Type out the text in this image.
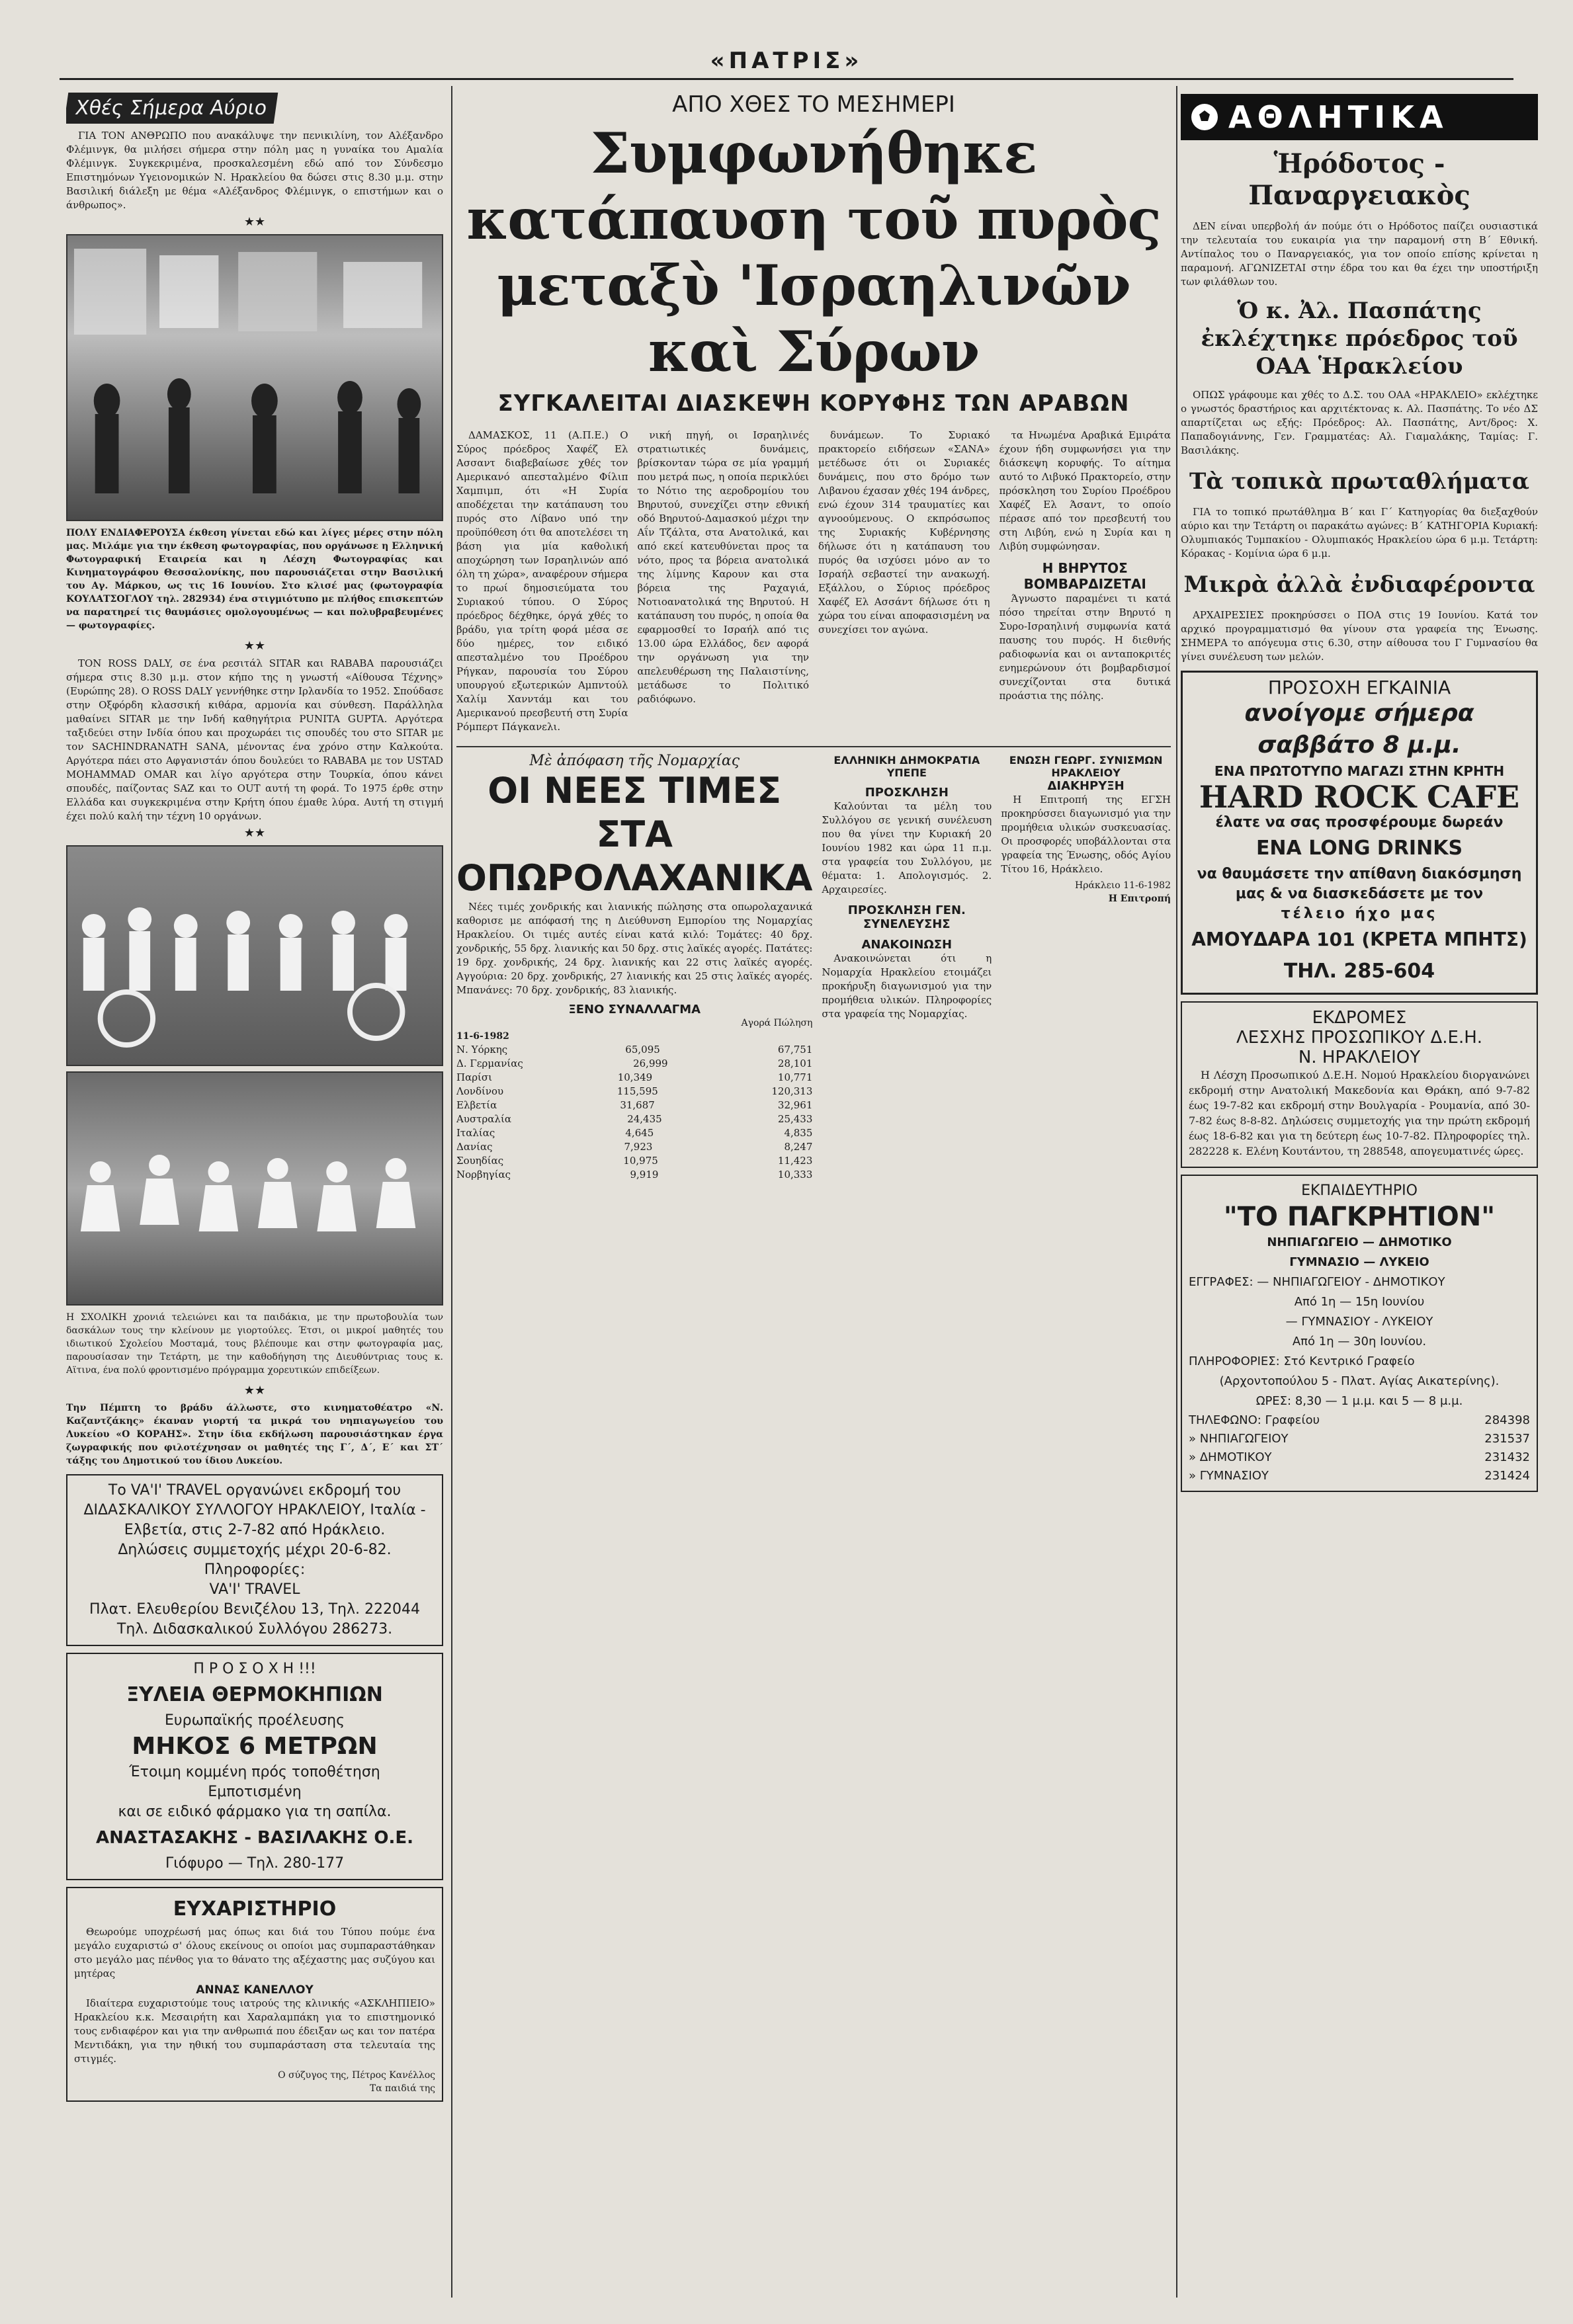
«ΠΑΤΡΙΣ»
Χθές Σήμερα Αύριο

ΓΙΑ ΤΟΝ ΑΝΘΡΩΠΟ που ανακάλυψε την πενικιλίνη, τον Αλέξανδρο Φλέμινγκ, θα μιλήσει σήμερα στην πόλη μας η γυναίκα του Αμαλία Φλέμινγκ. Συγκεκριμένα, προσκαλεσμένη εδώ από τον Σύνδεσμο Επιστημόνων Υγειονομικών Ν. Ηρακλείου θα δώσει στις 8.30 μ.μ. στην Βασιλική διάλεξη με θέμα «Αλέξανδρος Φλέμινγκ, ο επιστήμων και ο άνθρωπος».

★★
ΠΟΛΥ ΕΝΔΙΑΦΕΡΟΥΣΑ έκθεση γίνεται εδώ και λίγες μέρες στην πόλη μας. Μιλάμε για την έκθεση φωτογραφίας, που οργάνωσε η Ελληνική Φωτογραφική Εταιρεία και η Λέσχη Φωτογραφίας και Κινηματογράφου Θεσσαλονίκης, που παρουσιάζεται στην Βασιλική του Αγ. Μάρκου, ως τις 16 Ιουνίου. Στο κλισέ μας (φωτογραφία ΚΟΥΛΑΤΣΟΓΛΟΥ τηλ. 282934) ένα στιγμιότυπο με πλήθος επισκεπτών να παρατηρεί τις θαυμάσιες ομολογουμένως — και πολυβραβευμένες — φωτογραφίες.
★★

ΤΟΝ ROSS DALY, σε ένα ρεσιτάλ SITAR και RABABA παρουσιάζει σήμερα στις 8.30 μ.μ. στον κήπο της η γνωστή «Αίθουσα Τέχνης» (Ευρώπης 28). Ο ROSS DALY γεννήθηκε στην Ιρλανδία το 1952. Σπούδασε στην Οξφόρδη κλασσική κιθάρα, αρμονία και σύνθεση. Παράλληλα μαθαίνει SITAR με την Ινδή καθηγήτρια PUNITA GUPTA. Αργότερα ταξιδεύει στην Ινδία όπου και προχωράει τις σπουδές του στο SITAR με τον SACHINDRANATH SANA, μένοντας ένα χρόνο στην Καλκούτα. Αργότερα πάει στο Αφγανιστάν όπου δουλεύει το RABABA με τον USTAD MOHAMMAD OMAR και λίγο αργότερα στην Τουρκία, όπου κάνει σπουδές, παίζοντας SAZ και το OUT αυτή τη φορά. Το 1975 έρθε στην Ελλάδα και συγκεκριμένα στην Κρήτη όπου έμαθε λύρα. Αυτή τη στιγμή έχει πολύ καλή την τέχνη 10 οργάνων.

★★
Η ΣΧΟΛΙΚΗ χρονιά τελειώνει και τα παιδάκια, με την πρωτοβουλία των δασκάλων τους την κλείνουν με γιορτούλες. Έτσι, οι μικροί μαθητές του ιδιωτικού Σχολείου Μοσταμά, τους βλέπουμε και στην φωτογραφία μας, παρουσίασαν την Τετάρτη, με την καθοδήγηση της Διευθύντριας τους κ. Αϊτινα, ένα πολύ φροντισμένο πρόγραμμα χορευτικών επιδείξεων.
★★
Την Πέμπτη το βράδυ άλλωστε, στο κινηματοθέατρο «Ν. Καζαντζάκης» έκαναν γιορτή τα μικρά του νηπιαγωγείου του Λυκείου «Ο ΚΟΡΑΗΣ». Στην ίδια εκδήλωση παρουσιάστηκαν έργα ζωγραφικής που φιλοτέχνησαν οι μαθητές της Γ΄, Δ΄, Ε΄ και ΣΤ΄ τάξης του Δημοτικού του ίδιου Λυκείου.
Το VA'I' TRAVEL οργανώνει εκδρομή του ΔΙΔΑΣΚΑΛΙΚΟΥ ΣΥΛΛΟΓΟΥ ΗΡΑΚΛΕΙΟΥ, Ιταλία - Ελβετία, στις 2-7-82 από Ηράκλειο.
Δηλώσεις συμμετοχής μέχρι 20-6-82.
Πληροφορίες:
VA'I' TRAVEL
Πλατ. Ελευθερίου Βενιζέλου 13, Τηλ. 222044
Τηλ. Διδασκαλικού Συλλόγου 286273.
Π Ρ Ο Σ Ο Χ Η !!!
ΞΥΛΕΙΑ ΘΕΡΜΟΚΗΠΙΩΝ
Ευρωπαϊκής προέλευσης
ΜΗΚΟΣ 6 ΜΕΤΡΩΝ
Έτοιμη κομμένη πρός τοποθέτηση
Εμποτισμένη
και σε ειδικό φάρμακο για τη σαπίλα.
ΑΝΑΣΤΑΣΑΚΗΣ - ΒΑΣΙΛΑΚΗΣ Ο.Ε.
Γιόφυρο — Τηλ. 280-177
ΕΥΧΑΡΙΣΤΗΡΙΟ

Θεωρούμε υποχρέωσή μας όπως και διά του Τύπου πούμε ένα μεγάλο ευχαριστώ σ' όλους εκείνους οι οποίοι μας συμπαραστάθηκαν στο μεγάλο μας πένθος για το θάνατο της αξέχαστης μας συζύγου και μητέρας

ΑΝΝΑΣ ΚΑΝΕΛΛΟΥ

Ιδιαίτερα ευχαριστούμε τους ιατρούς της κλινικής «ΑΣΚΛΗΠΙΕΙΟ» Ηρακλείου κ.κ. Μεσαιρήτη και Χαραλαμπάκη για το επιστημονικό τους ενδιαφέρον και για την ανθρωπιά που έδειξαν ως και τον πατέρα Μεντιδάκη, για την ηθική του συμπαράσταση στα τελευταία της στιγμές.

Ο σύζυγος της, Πέτρος Κανέλλος
Τα παιδιά της
ΑΠΟ ΧΘΕΣ ΤΟ ΜΕΣΗΜΕΡΙ
Συμφωνήθηκε κατάπαυση τοῦ πυρὸς
μεταξὺ 'Ισραηλινῶν καὶ Σύρων
ΣΥΓΚΑΛΕΙΤΑΙ ΔΙΑΣΚΕΨΗ ΚΟΡΥΦΗΣ ΤΩΝ ΑΡΑΒΩΝ

ΔΑΜΑΣΚΟΣ, 11 (Α.Π.Ε.) Ο Σύρος πρόεδρος Χαφέζ Ελ Ασσαντ διαβεβαίωσε χθές τον Αμερικανό απεσταλμένο Φίλιπ Χαμπιμπ, ότι «Η Συρία αποδέχεται την κατάπαυση του πυρός στο Λίβανο υπό την προϋπόθεση ότι θα αποτελέσει τη βάση για μία καθολική αποχώρηση των Ισραηλινών από όλη τη χώρα», αναφέρουν σήμερα το πρωί δημοσιεύματα του Συριακού τύπου. Ο Σύρος πρόεδρος δέχθηκε, όργά χθές το βράδυ, για τρίτη φορά μέσα σε δύο ημέρες, τον ειδικό απεσταλμένο του Προέδρου Ρήγκαν, παρουσία του Σύρου υπουργού εξωτερικών Αμπντούλ Χαλίμ Χανντάμ και του Αμερικανού πρεσβευτή στη Συρία Ρόμπερτ Πάγκανελι.

νική πηγή, οι Ισραηλινές στρατιωτικές δυνάμεις, βρίσκονταν τώρα σε μία γραμμή που μετρά πως, η οποία περικλύει το Νότιο της αεροδρομίου του Βηρυτού, συνεχίζει στην εθνική οδό Βηρυτού-Δαμασκού μέχρι την Αΐν Τζάλτα, στα Ανατολικά, και από εκεί κατευθύνεται προς τα νότο, προς τα βόρεια ανατολικά της λίμνης Καρουν και στα βόρεια της Ραχαγιά, Νοτιοανατολικά της Βηρυτού. Η κατάπαυση του πυρός, η οποία θα εφαρμοσθεί το Ισραήλ από τις 13.00 ώρα Ελλάδος, δεν αφορά την οργάνωση για την απελευθέρωση της Παλαιστίνης, μετάδωσε το Πολιτικό ραδιόφωνο.

δυνάμεων. Το Συριακό πρακτορείο ειδήσεων «ΣΑΝΑ» μετέδωσε ότι οι Συριακές δυνάμεις, που στο δρόμο των Λιβανου έχασαν χθές 194 άνδρες, ενώ έχουν 314 τραυματίες και αγνοούμενους. Ο εκπρόσωπος της Συριακής Κυβέρνησης δήλωσε ότι η κατάπαυση του πυρός θα ισχύσει μόνο αν το Ισραήλ σεβαστεί την ανακωχή. Εξάλλου, ο Σύριος πρόεδρος Χαφέζ Ελ Ασσάντ δήλωσε ότι η χώρα του είναι αποφασισμένη να συνεχίσει τον αγώνα.

τα Ηνωμένα Αραβικά Εμιράτα έχουν ήδη συμφωνήσει για την διάσκεψη κορυφής. Το αίτημα αυτό το Λιβυκό Πρακτορείο, στην πρόσκληση του Συρίου Προέδρου Χαφέζ Ελ Άσαντ, το οποίο πέρασε από τον πρεσβευτή του στη Λιβύη, ενώ η Συρία και η Λιβύη συμφώνησαν.

Η ΒΗΡΥΤΟΣ
ΒΟΜΒΑΡΔΙΖΕΤΑΙ

Άγνωστο παραμένει τι κατά πόσο τηρείται στην Βηρυτό η Συρο-Ισραηλινή συμφωνία κατά παυσης του πυρός. Η διεθνής ραδιοφωνία και οι ανταποκριτές ενημερώνουν ότι βομβαρδισμοί συνεχίζονται στα δυτικά προάστια της πόλης.

Μὲ ἀπόφαση τῆς Νομαρχίας
ΟΙ ΝΕΕΣ ΤΙΜΕΣ
ΣΤΑ ΟΠΩΡΟΛΑΧΑΝΙΚΑ

Νέες τιμές χονδρικής και λιανικής πώλησης στα οπωρολαχανικά καθορισε με απόφασή της η Διεύθυνση Εμπορίου της Νομαρχίας Ηρακλείου. Οι τιμές αυτές είναι κατά κιλό: Τομάτες: 40 δρχ. χονδρικής, 55 δρχ. λιανικής και 50 δρχ. στις λαϊκές αγορές. Πατάτες: 19 δρχ. χονδρικής, 24 δρχ. λιανικής και 22 στις λαϊκές αγορές. Αγγούρια: 20 δρχ. χονδρικής, 27 λιανικής και 25 στις λαϊκές αγορές. Μπανάνες: 70 δρχ. χονδρικής, 83 λιανικής.

ΞΕΝΟ ΣΥΝΑΛΛΑΓΜΑ
Αγορά Πώληση
11-6-1982
Ν. Υόρκης	65,095	67,751
Δ. Γερμανίας	26,999	28,101
Παρίσι	10,349	10,771
Λονδίνου	115,595	120,313
Ελβετία	31,687	32,961
Αυστραλία	24,435	25,433
Ιταλίας	4,645	4,835
Δανίας	7,923	8,247
Σουηδίας	10,975	11,423
Νορβηγίας	9,919	10,333
ΕΛΛΗΝΙΚΗ ΔΗΜΟΚΡΑΤΙΑ ΥΠΕΠΕ
ΠΡΟΣΚΛΗΣΗ

Καλούνται τα μέλη του Συλλόγου σε γενική συνέλευση που θα γίνει την Κυριακή 20 Ιουνίου 1982 και ώρα 11 π.μ. στα γραφεία του Συλλόγου, με θέματα: 1. Απολογισμός. 2. Αρχαιρεσίες.

ΠΡΟΣΚΛΗΣΗ ΓΕΝ. ΣΥΝΕΛΕΥΣΗΣ
ΑΝΑΚΟΙΝΩΣΗ

Ανακοινώνεται ότι η Νομαρχία Ηρακλείου ετοιμάζει προκήρυξη διαγωνισμού για την προμήθεια υλικών. Πληροφορίες στα γραφεία της Νομαρχίας.

ΕΝΩΣΗ ΓΕΩΡΓ. ΣΥΝΙΣΜΩΝ ΗΡΑΚΛΕΙΟΥ
ΔΙΑΚΗΡΥΞΗ

Η Επιτροπή της ΕΓΣΗ προκηρύσσει διαγωνισμό για την προμήθεια υλικών συσκευασίας. Οι προσφορές υποβάλλονται στα γραφεία της Ένωσης, οδός Αγίου Τίτου 16, Ηράκλειο.

Ηράκλειο 11-6-1982
Η Επιτροπή
ΑΘΛΗΤΙΚΑ
Ἡρόδοτος - Παναργειακὸς

ΔΕΝ είναι υπερβολή άν πούμε ότι ο Ηρόδοτος παίζει ουσιαστικά την τελευταία του ευκαιρία για την παραμονή στη Β΄ Εθνική. Αντίπαλος του ο Παναργειακός, για τον οποίο επίσης κρίνεται η παραμονή. ΑΓΩΝΙΖΕΤΑΙ στην έδρα του και θα έχει την υποστήριξη των φιλάθλων του.

Ὁ κ. Ἀλ. Πασπάτης ἐκλέχτηκε πρόεδρος τοῦ ΟΑΑ Ἡρακλείου

ΟΠΩΣ γράφουμε και χθές το Δ.Σ. του ΟΑΑ «ΗΡΑΚΛΕΙΟ» εκλέχτηκε ο γνωστός δραστήριος και αρχιτέκτονας κ. Αλ. Πασπάτης. Το νέο ΔΣ απαρτίζεται ως εξής: Πρόεδρος: Αλ. Πασπάτης, Αντ/δρος: Χ. Παπαδογιάννης, Γεν. Γραμματέας: Αλ. Γιαμαλάκης, Ταμίας: Γ. Βασιλάκης.

Τὰ τοπικὰ πρωταθλήματα

ΓΙΑ το τοπικό πρωτάθλημα Β΄ και Γ΄ Κατηγορίας θα διεξαχθούν αύριο και την Τετάρτη οι παρακάτω αγώνες: Β΄ ΚΑΤΗΓΟΡΙΑ Κυριακή: Ολυμπιακός Τυμπακίου - Ολυμπιακός Ηρακλείου ώρα 6 μ.μ. Τετάρτη: Κόρακας - Κομίνια ώρα 6 μ.μ.

Μικρὰ ἀλλὰ ἐνδιαφέροντα

ΑΡΧΑΙΡΕΣΙΕΣ προκηρύσσει ο ΠΟΑ στις 19 Ιουνίου. Κατά τον αρχικό προγραμματισμό θα γίνουν στα γραφεία της Ένωσης. ΣΗΜΕΡΑ το απόγευμα στις 6.30, στην αίθουσα του Γ Γυμνασίου θα γίνει συνέλευση των μελών.

ΠΡΟΣΟΧΗ ΕΓΚΑΙΝΙΑ
ανοίγομε σήμερα
σαββάτο 8 μ.μ.
ΕΝΑ ΠΡΩΤΟΤΥΠΟ ΜΑΓΑΖΙ ΣΤΗΝ ΚΡΗΤΗ
HARD ROCK CAFE
έλατε να σας προσφέρουμε δωρεάν
ENA LONG DRINKS
να θαυμάσετε την απίθανη διακόσμηση μας & να διασκεδάσετε με τον
τέλειο ήχο μας
ΑΜΟΥΔΑΡΑ 101 (ΚΡΕΤΑ ΜΠΗΤΣ)
ΤΗΛ. 285-604
ΕΚΔΡΟΜΕΣ
ΛΕΣΧΗΣ ΠΡΟΣΩΠΙΚΟΥ Δ.Ε.Η.
Ν. ΗΡΑΚΛΕΙΟΥ

Η Λέσχη Προσωπικού Δ.Ε.Η. Νομού Ηρακλείου διοργανώνει εκδρομή στην Ανατολική Μακεδονία και Θράκη, από 9-7-82 έως 19-7-82 και εκδρομή στην Βουλγαρία - Ρουμανία, από 30-7-82 έως 8-8-82. Δηλώσεις συμμετοχής για την πρώτη εκδρομή έως 18-6-82 και για τη δεύτερη έως 10-7-82. Πληροφορίες τηλ. 282228 κ. Ελένη Κουτάντου, τη 288548, απογευματινές ώρες.

ΕΚΠΑΙΔΕΥΤΗΡΙΟ
"ΤΟ ΠΑΓΚΡΗΤΙΟΝ"
ΝΗΠΙΑΓΩΓΕΙΟ — ΔΗΜΟΤΙΚΟ
ΓΥΜΝΑΣΙΟ — ΛΥΚΕΙΟ
ΕΓΓΡΑΦΕΣ: — ΝΗΠΙΑΓΩΓΕΙΟΥ - ΔΗΜΟΤΙΚΟΥ
Από 1η — 15η Ιουνίου
— ΓΥΜΝΑΣΙΟΥ - ΛΥΚΕΙΟΥ
Από 1η — 30η Ιουνίου.
ΠΛΗΡΟΦΟΡΙΕΣ: Στό Κεντρικό Γραφείο
(Αρχοντοπούλου 5 - Πλατ. Αγίας Αικατερίνης).
ΩΡΕΣ: 8,30 — 1 μ.μ. και 5 — 8 μ.μ.
ΤΗΛΕΦΩΝΟ: Γραφείου	284398
» ΝΗΠΙΑΓΩΓΕΙΟΥ	231537
» ΔΗΜΟΤΙΚΟΥ	231432
» ΓΥΜΝΑΣΙΟΥ	231424
